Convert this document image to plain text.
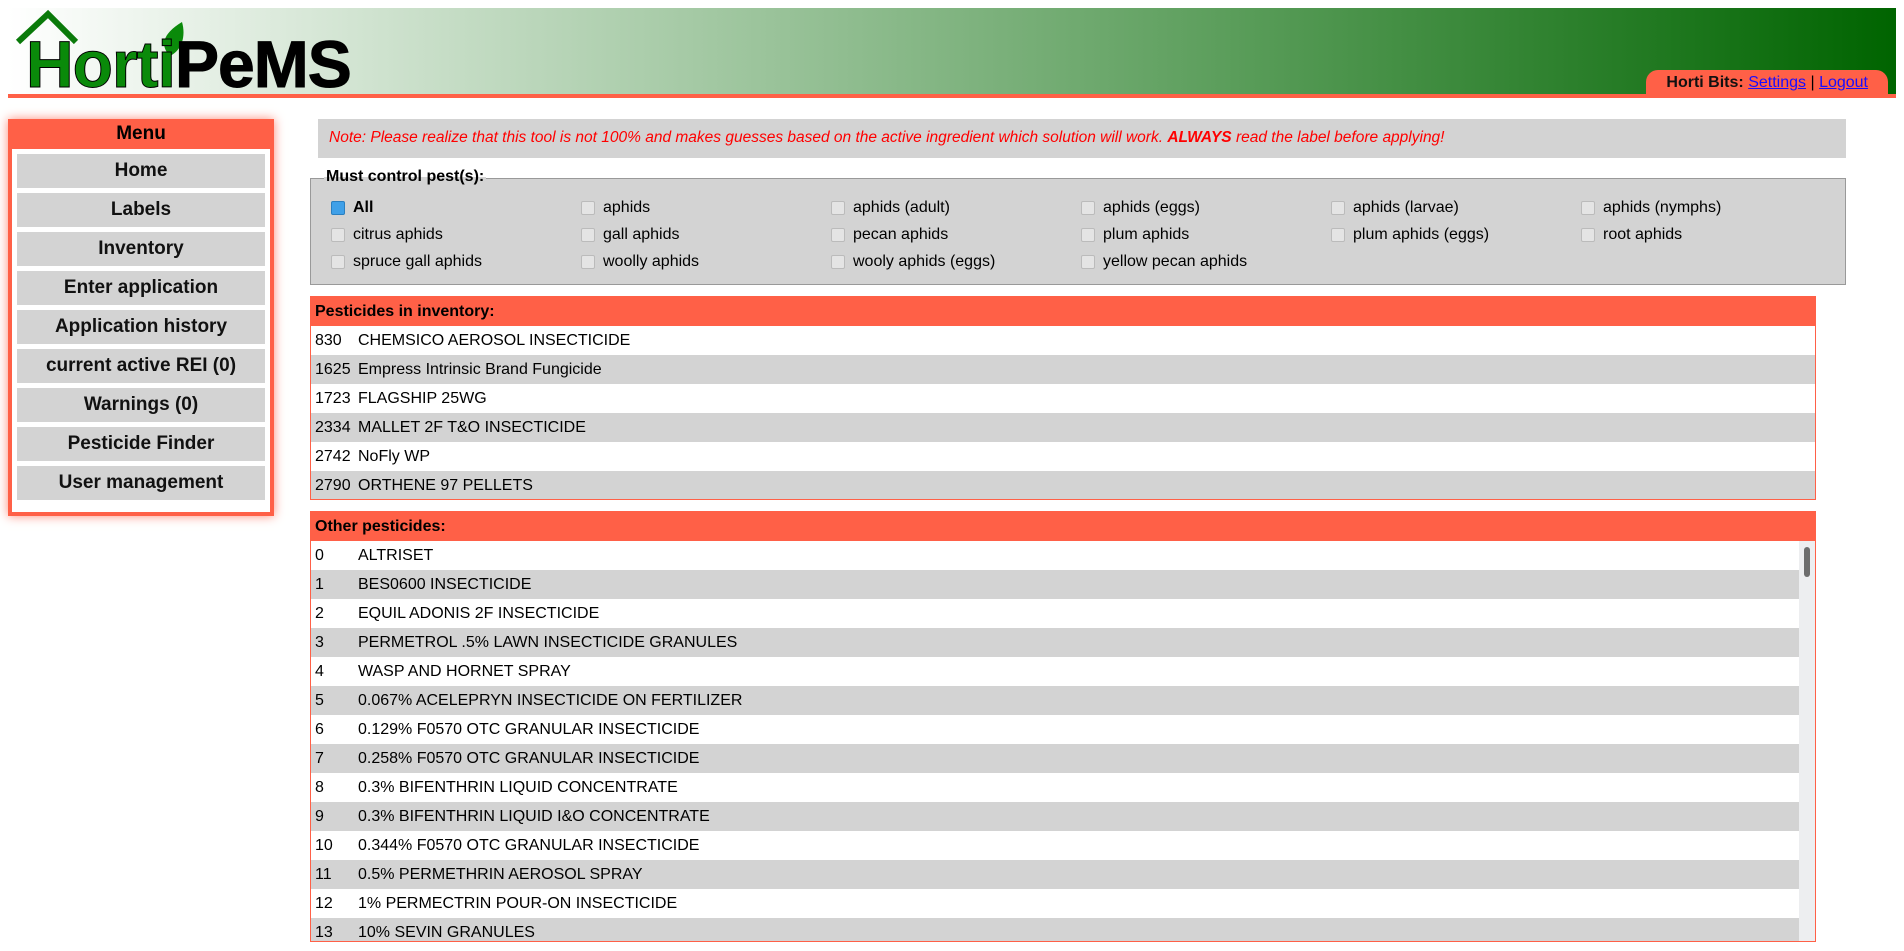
HortiPeMS	Horti Bits: Settings | Logout
Menu
Home
Labels
Inventory
Enter application
Application history
current active REI (0)
Warnings (0)
Pesticide Finder
User management
Note: Please realize that this tool is not 100% and makes guesses based on the active ingredient which solution will work. ALWAYS read the label before applying!
Must control pest(s):
All	aphids	aphids (adult)	aphids (eggs)	aphids (larvae)	aphids (nymphs)
citrus aphids	gall aphids	pecan aphids	plum aphids	plum aphids (eggs)	root aphids
spruce gall aphids	woolly aphids	wooly aphids (eggs)	yellow pecan aphids
Pesticides in inventory:
830	CHEMSICO AEROSOL INSECTICIDE
1625 Empress Intrinsic Brand Fungicide
1723 FLAGSHIP 25WG
2334 MALLET 2F T&O INSECTICIDE
2742 NoFly WP
2790 ORTHENE 97 PELLETS
Other pesticides:
0	ALTRISET
1	BES0600 INSECTICIDE
2	EQUIL ADONIS 2F INSECTICIDE
3	PERMETROL .5% LAWN INSECTICIDE GRANULES
4	WASP AND HORNET SPRAY
5	0.067% ACELEPRYN INSECTICIDE ON FERTILIZER
6	0.129% F0570 OTC GRANULAR INSECTICIDE
7	0.258% F0570 OTC GRANULAR INSECTICIDE
8	0.3% BIFENTHRIN LIQUID CONCENTRATE
9	0.3% BIFENTHRIN LIQUID I&O CONCENTRATE
10	0.344% F0570 OTC GRANULAR INSECTICIDE
11	0.5% PERMETHRIN AEROSOL SPRAY
12	1% PERMECTRIN POUR-ON INSECTICIDE
13	10% SEVIN GRANULES
